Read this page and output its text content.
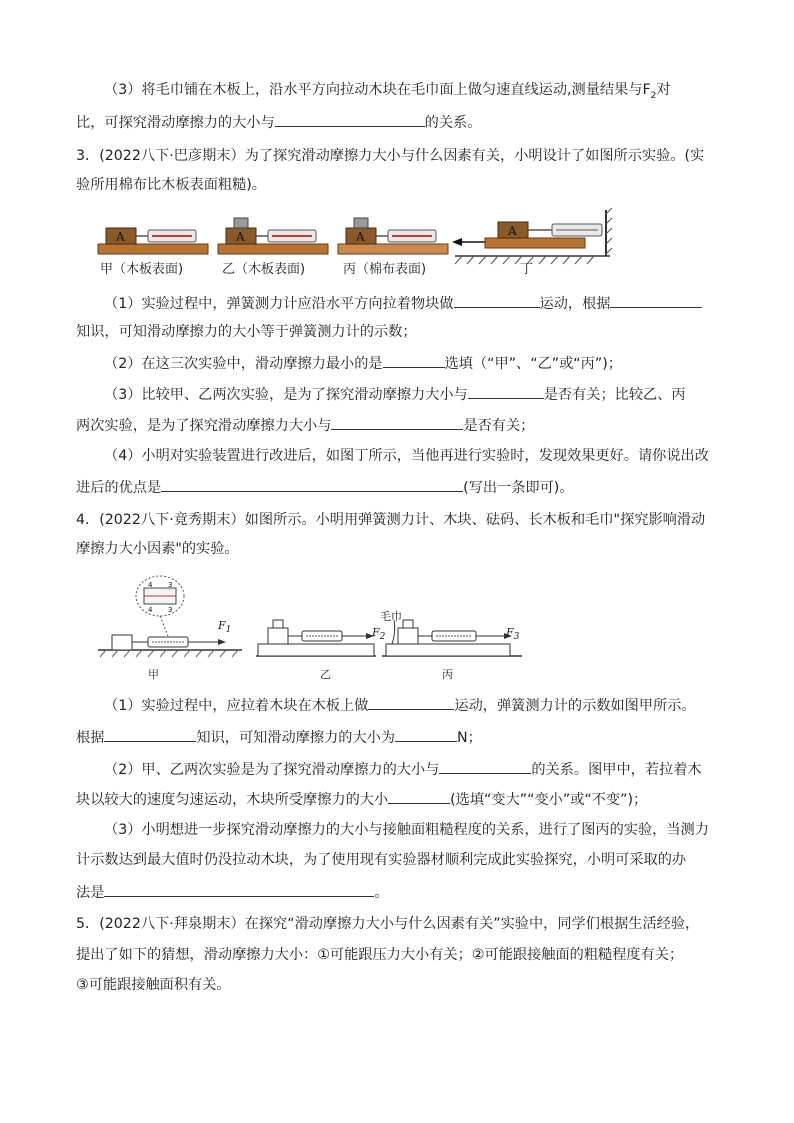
（3）将毛巾铺在木板上，沿水平方向拉动木块在毛巾面上做匀速直线运动,测量结果与$F_2$对
比，可探究滑动摩擦力的大小与	的关系。
3．(2022八下·巴彦期末）为了探究滑动摩擦力大小与什么因素有关，小明设计了如图所示实验。(实
验所用棉布比木板表面粗糙)。
A	A	A	A
甲（木板表面)	乙（木板表面)	丙（棉布表面)	丁
（1）实验过程中，弹簧测力计应沿水平方向拉着物块做	运动，根据
知识，可知滑动摩擦力的大小等于弹簧测力计的示数；
（2）在这三次实验中，滑动摩擦力最小的是	选填（“甲”、“乙”或“丙”)；
（3）比较甲、乙两次实验，是为了探究滑动摩擦力大小与	是否有关；比较乙、丙
两次实验，是为了探究滑动摩擦力大小与	是否有关；
（4）小明对实验装置进行改进后，如图丁所示，当他再进行实验时，发现效果更好。请你说出改
进后的优点是	(写出一条即可)。
4．(2022八下·竟秀期末）如图所示。小明用弹簧测力计、木块、砝码、长木板和毛巾"探究影响滑动
摩擦力大小因素"的实验。
4 3
4 3
$F_1$	$F_2$	$F_3$
毛巾
甲	乙	丙
（1）实验过程中，应拉着木块在木板上做	运动，弹簧测力计的示数如图甲所示。
根据	知识，可知滑动摩擦力的大小为	N；
（2）甲、乙两次实验是为了探究滑动摩擦力的大小与	的关系。图甲中，若拉着木
块以较大的速度匀速运动，木块所受摩擦力的大小	(选填“变大”“变小”或“不变”)；
（3）小明想进一步探究滑动摩擦力的大小与接触面粗糙程度的关系，进行了图丙的实验，当测力
计示数达到最大值时仍没拉动木块，为了使用现有实验器材顺利完成此实验探究，小明可采取的办
法是	。
5．(2022八下·拜泉期末）在探究“滑动摩擦力大小与什么因素有关”实验中，同学们根据生活经验，
提出了如下的猜想，滑动摩擦力大小：①可能跟压力大小有关；②可能跟接触面的粗糙程度有关；
③可能跟接触面积有关。
